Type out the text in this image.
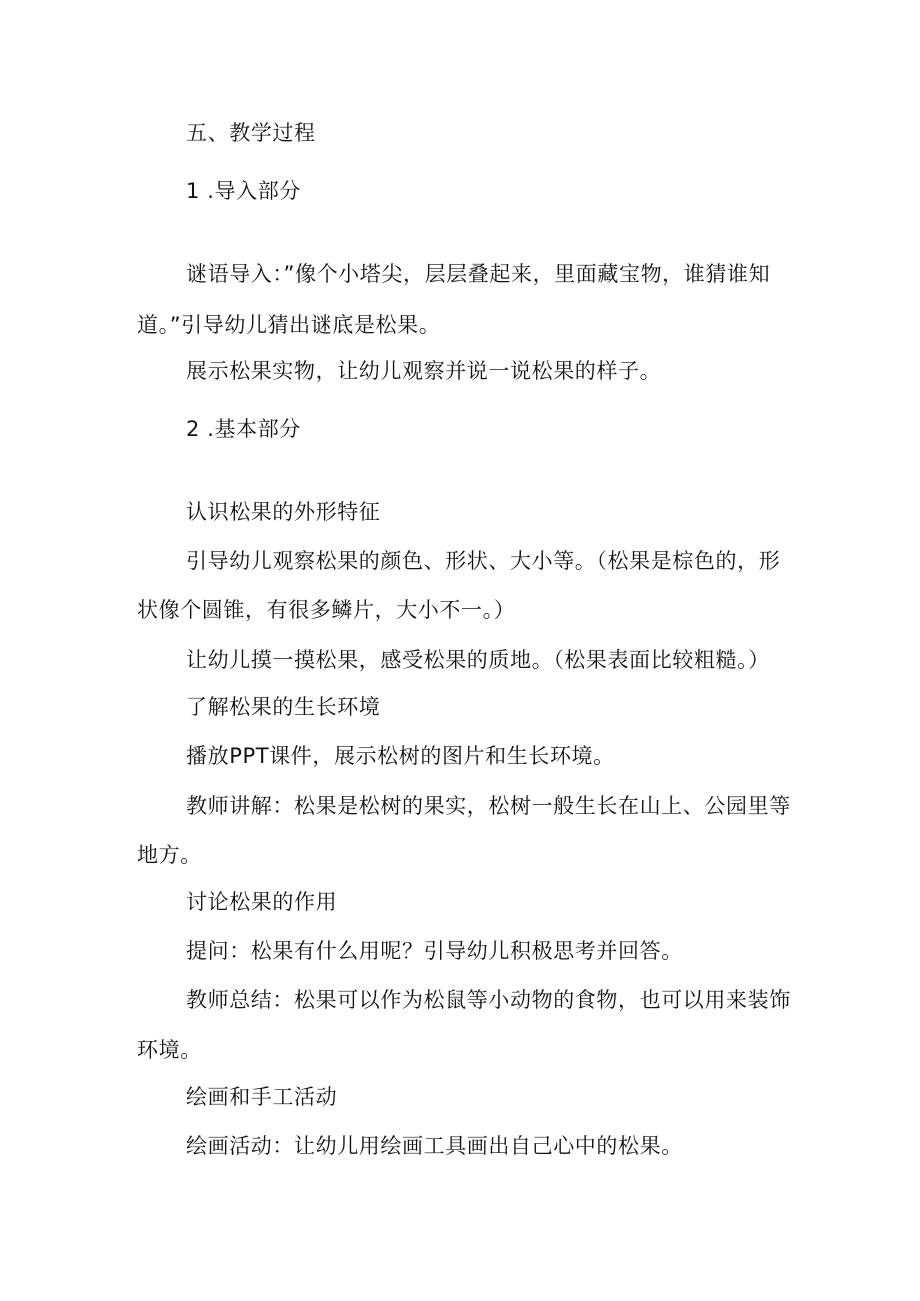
五、教学过程

1 .导入部分

谜语导入：”像个小塔尖，层层叠起来，里面藏宝物，谁猜谁知

道。”引导幼儿猜出谜底是松果。

展示松果实物，让幼儿观察并说一说松果的样子。

2 .基本部分

认识松果的外形特征

引导幼儿观察松果的颜色、形状、大小等。（松果是棕色的，形

状像个圆锥，有很多鳞片，大小不一。）

让幼儿摸一摸松果，感受松果的质地。（松果表面比较粗糙。）

了解松果的生长环境

播放PPT课件，展示松树的图片和生长环境。

教师讲解：松果是松树的果实，松树一般生长在山上、公园里等

地方。

讨论松果的作用

提问：松果有什么用呢？引导幼儿积极思考并回答。

教师总结：松果可以作为松鼠等小动物的食物，也可以用来装饰

环境。

绘画和手工活动

绘画活动：让幼儿用绘画工具画出自己心中的松果。
